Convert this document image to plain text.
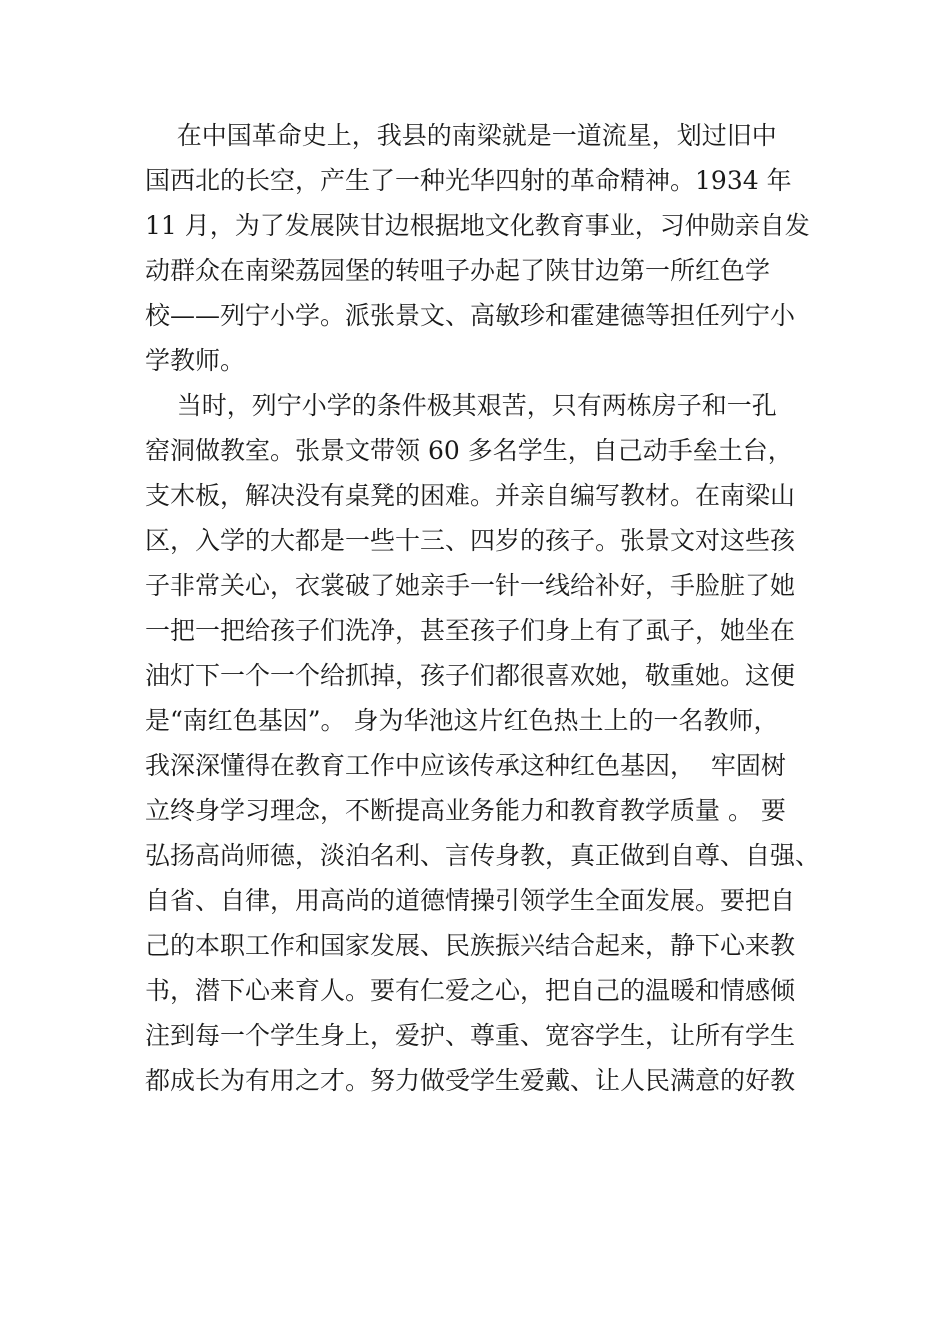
在中国革命史上，我县的南梁就是一道流星，划过旧中
国西北的长空，产生了一种光华四射的革命精神。1934 年
11 月，为了发展陕甘边根据地文化教育事业，习仲勋亲自发
动群众在南梁荔园堡的转咀子办起了陕甘边第一所红色学
校——列宁小学。派张景文、高敏珍和霍建德等担任列宁小
学教师。
当时，列宁小学的条件极其艰苦，只有两栋房子和一孔
窑洞做教室。张景文带领 60 多名学生，自己动手垒土台，
支木板，解决没有桌凳的困难。并亲自编写教材。在南梁山
区，入学的大都是一些十三、四岁的孩子。张景文对这些孩
子非常关心，衣裳破了她亲手一针一线给补好，手脸脏了她
一把一把给孩子们洗净，甚至孩子们身上有了虱子，她坐在
油灯下一个一个给抓掉，孩子们都很喜欢她，敬重她。这便
是“南红色基因”。 身为华池这片红色热土上的一名教师，
我深深懂得在教育工作中应该传承这种红色基因，  牢固树
立终身学习理念，不断提高业务能力和教育教学质量 。 要
弘扬高尚师德，淡泊名利、言传身教，真正做到自尊、自强、
自省、自律，用高尚的道德情操引领学生全面发展。要把自
己的本职工作和国家发展、民族振兴结合起来，静下心来教
书，潜下心来育人。要有仁爱之心，把自己的温暖和情感倾
注到每一个学生身上，爱护、尊重、宽容学生，让所有学生
都成长为有用之才。努力做受学生爱戴、让人民满意的好教
